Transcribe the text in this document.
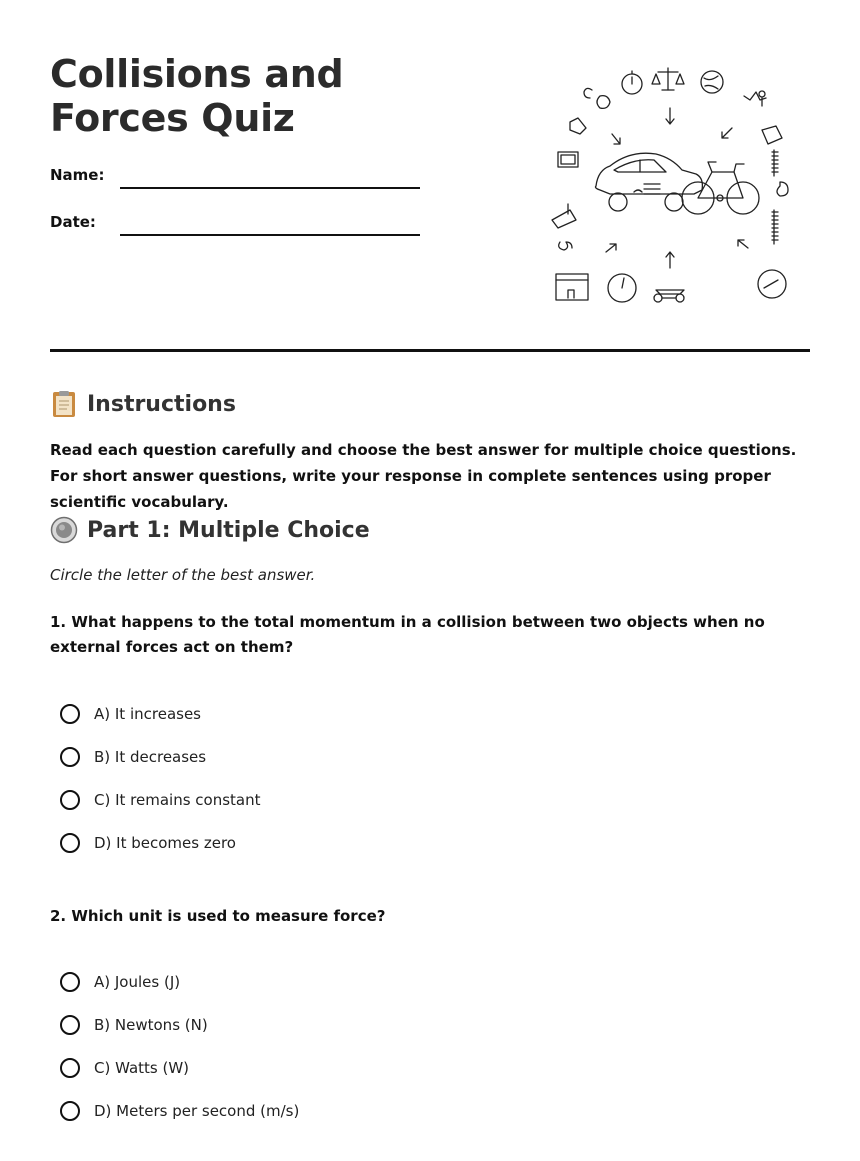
Collisions and Forces Quiz
Name:
Date:
Instructions

Read each question carefully and choose the best answer for multiple choice questions. For short answer questions, write your response in complete sentences using proper scientific vocabulary.

Part 1: Multiple Choice
Circle the letter of the best answer.

1. What happens to the total momentum in a collision between two objects when no external forces act on them?

A) It increases
B) It decreases
C) It remains constant
D) It becomes zero

2. Which unit is used to measure force?

A) Joules (J)
B) Newtons (N)
C) Watts (W)
D) Meters per second (m/s)
